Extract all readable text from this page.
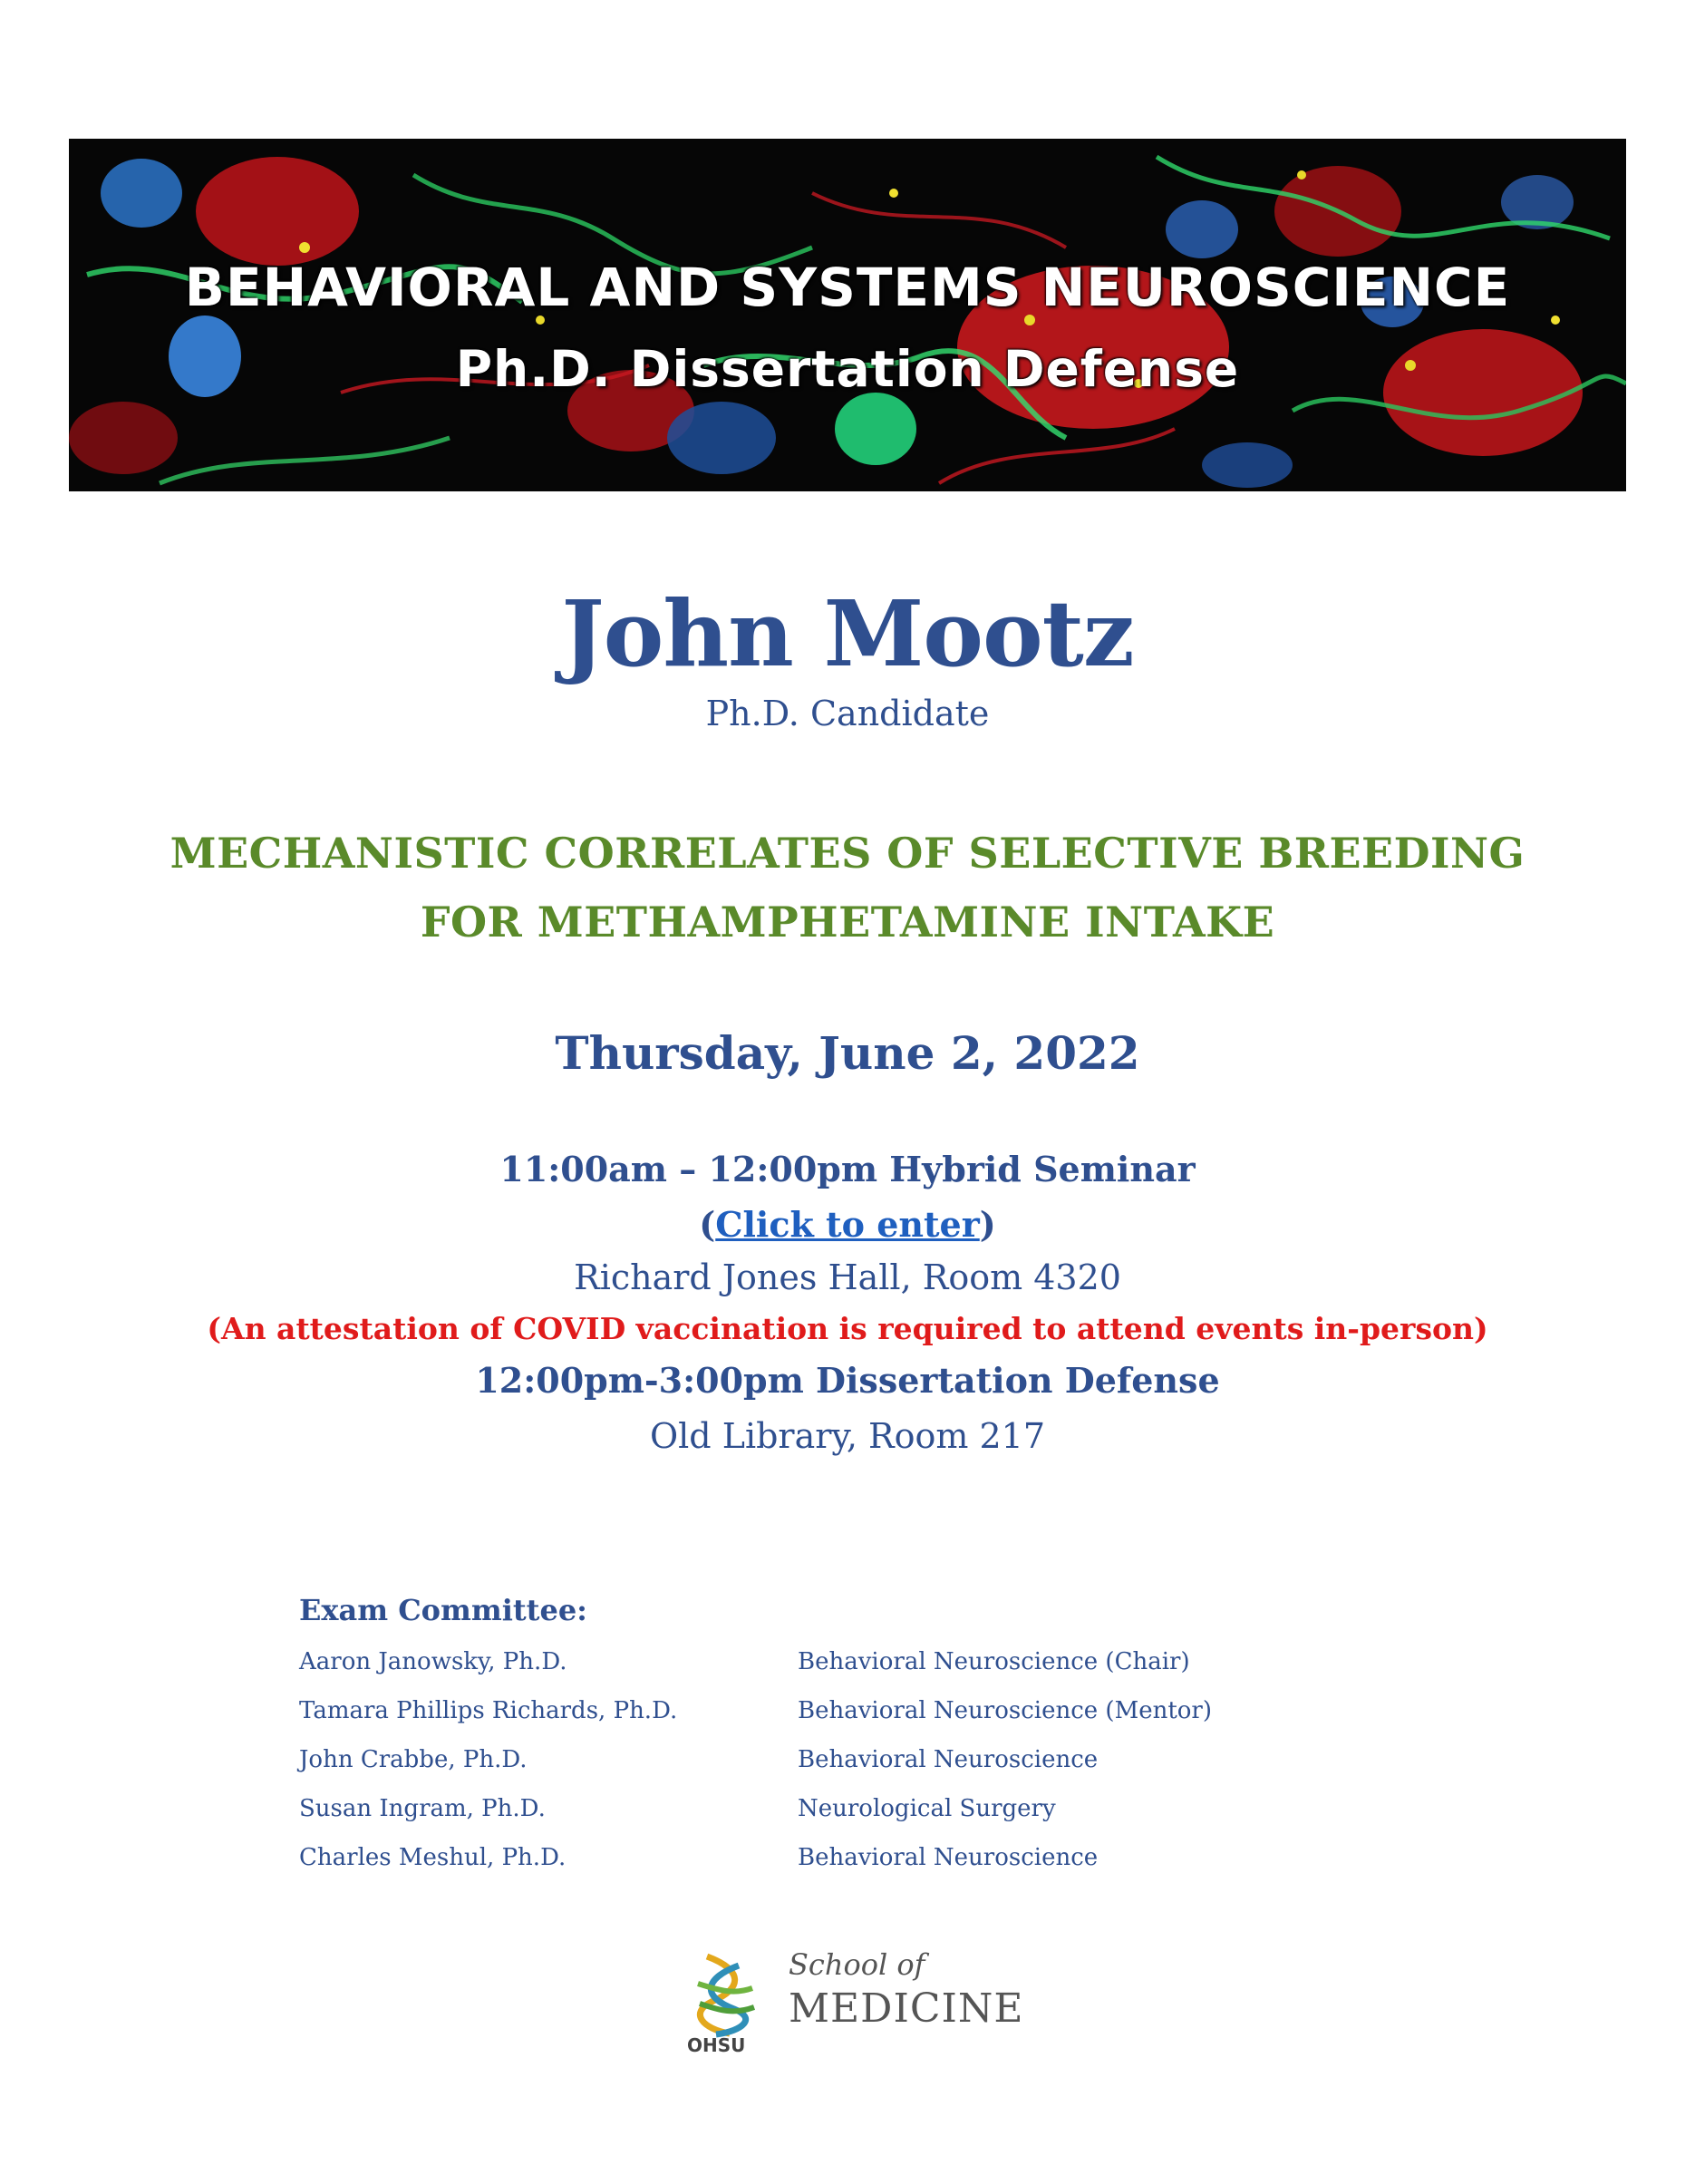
BEHAVIORAL AND SYSTEMS NEUROSCIENCE
Ph.D. Dissertation Defense
John Mootz
Ph.D. Candidate
MECHANISTIC CORRELATES OF SELECTIVE BREEDING
FOR METHAMPHETAMINE INTAKE
Thursday, June 2, 2022
11:00am – 12:00pm Hybrid Seminar
(Click to enter)
Richard Jones Hall, Room 4320
(An attestation of COVID vaccination is required to attend events in-person)
12:00pm-3:00pm Dissertation Defense
Old Library, Room 217
Exam Committee:
Aaron Janowsky, Ph.D.	Behavioral Neuroscience (Chair)
Tamara Phillips Richards, Ph.D.	Behavioral Neuroscience (Mentor)
John Crabbe, Ph.D.	Behavioral Neuroscience
Susan Ingram, Ph.D.	Neurological Surgery
Charles Meshul, Ph.D.	Behavioral Neuroscience
OHSU
School of
MEDICINE
